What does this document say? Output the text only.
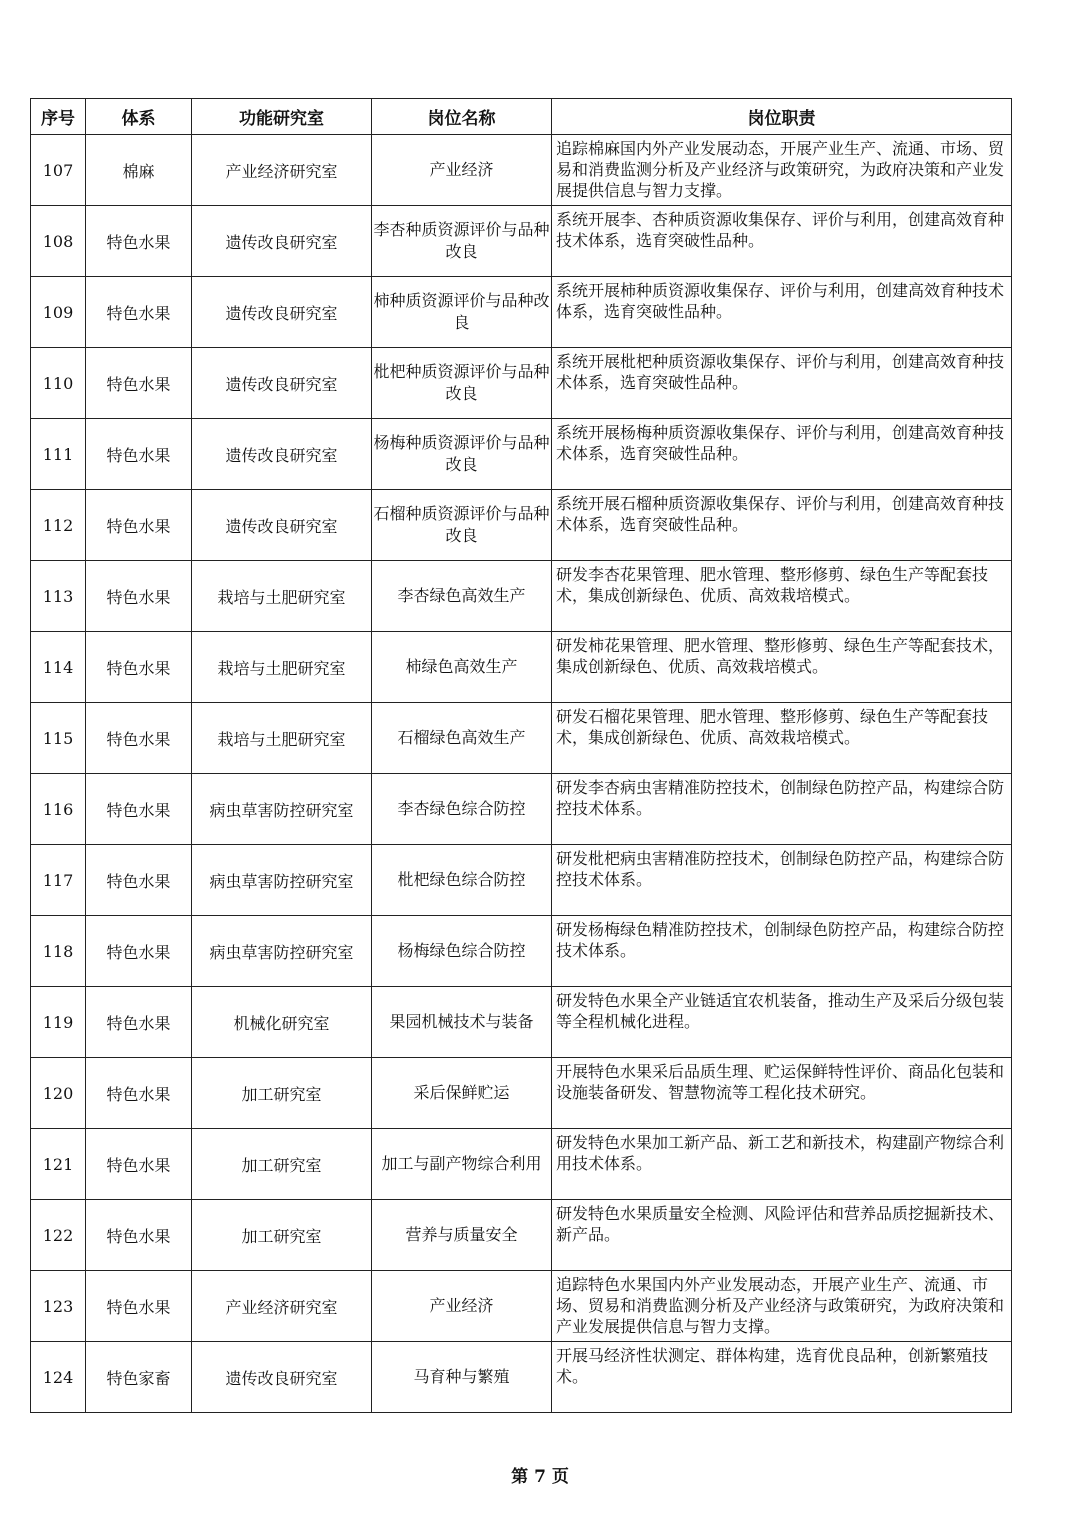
序号	体系	功能研究室	岗位名称	岗位职责
107	棉麻	产业经济研究室	产业经济	追踪棉麻国内外产业发展动态，开展产业生产、流通、市场、贸易和消费监测分析及产业经济与政策研究，为政府决策和产业发展提供信息与智力支撑。
108	特色水果	遗传改良研究室	李杏种质资源评价与品种改良	系统开展李、杏种质资源收集保存、评价与利用，创建高效育种技术体系，选育突破性品种。
109	特色水果	遗传改良研究室	柿种质资源评价与品种改良	系统开展柿种质资源收集保存、评价与利用，创建高效育种技术体系，选育突破性品种。
110	特色水果	遗传改良研究室	枇杷种质资源评价与品种改良	系统开展枇杷种质资源收集保存、评价与利用，创建高效育种技术体系，选育突破性品种。
111	特色水果	遗传改良研究室	杨梅种质资源评价与品种改良	系统开展杨梅种质资源收集保存、评价与利用，创建高效育种技术体系，选育突破性品种。
112	特色水果	遗传改良研究室	石榴种质资源评价与品种改良	系统开展石榴种质资源收集保存、评价与利用，创建高效育种技术体系，选育突破性品种。
113	特色水果	栽培与土肥研究室	李杏绿色高效生产	研发李杏花果管理、肥水管理、整形修剪、绿色生产等配套技术，集成创新绿色、优质、高效栽培模式。
114	特色水果	栽培与土肥研究室	柿绿色高效生产	研发柿花果管理、肥水管理、整形修剪、绿色生产等配套技术，集成创新绿色、优质、高效栽培模式。
115	特色水果	栽培与土肥研究室	石榴绿色高效生产	研发石榴花果管理、肥水管理、整形修剪、绿色生产等配套技术，集成创新绿色、优质、高效栽培模式。
116	特色水果	病虫草害防控研究室	李杏绿色综合防控	研发李杏病虫害精准防控技术，创制绿色防控产品，构建综合防控技术体系。
117	特色水果	病虫草害防控研究室	枇杷绿色综合防控	研发枇杷病虫害精准防控技术，创制绿色防控产品，构建综合防控技术体系。
118	特色水果	病虫草害防控研究室	杨梅绿色综合防控	研发杨梅绿色精准防控技术，创制绿色防控产品，构建综合防控技术体系。
119	特色水果	机械化研究室	果园机械技术与装备	研发特色水果全产业链适宜农机装备，推动生产及采后分级包装等全程机械化进程。
120	特色水果	加工研究室	采后保鲜贮运	开展特色水果采后品质生理、贮运保鲜特性评价、商品化包装和设施装备研发、智慧物流等工程化技术研究。
121	特色水果	加工研究室	加工与副产物综合利用	研发特色水果加工新产品、新工艺和新技术，构建副产物综合利用技术体系。
122	特色水果	加工研究室	营养与质量安全	研发特色水果质量安全检测、风险评估和营养品质挖掘新技术、新产品。
123	特色水果	产业经济研究室	产业经济	追踪特色水果国内外产业发展动态，开展产业生产、流通、市场、贸易和消费监测分析及产业经济与政策研究，为政府决策和产业发展提供信息与智力支撑。
124	特色家畜	遗传改良研究室	马育种与繁殖	开展马经济性状测定、群体构建，选育优良品种，创新繁殖技术。
第 7 页
